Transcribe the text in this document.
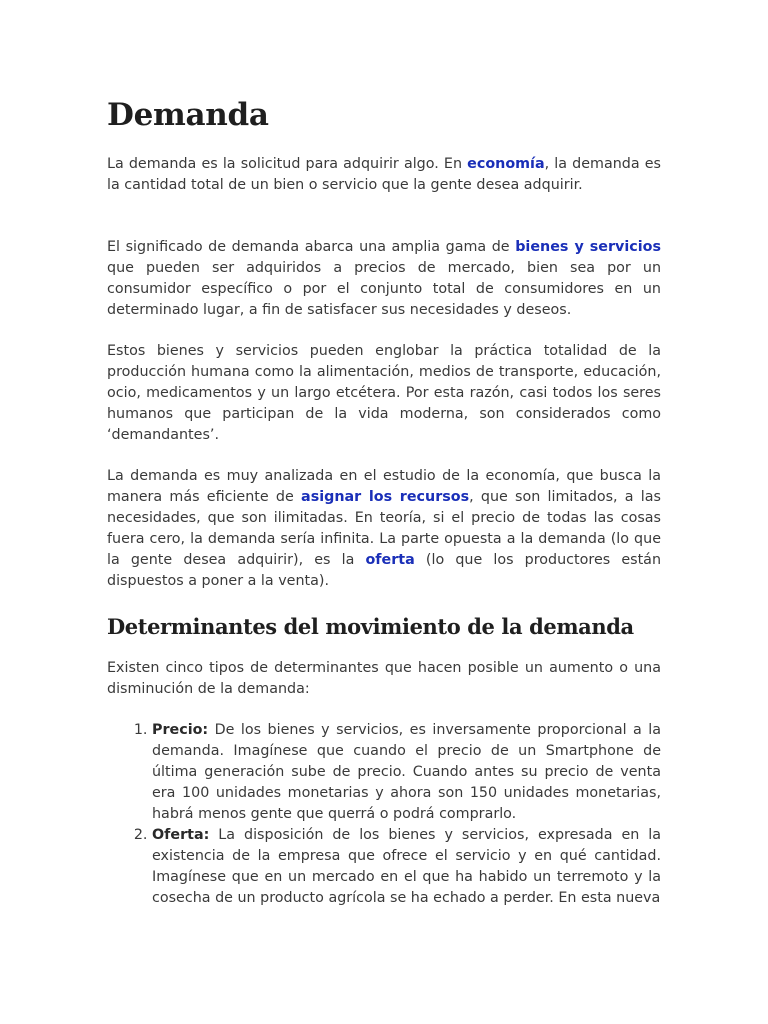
Demanda

La demanda es la solicitud para adquirir algo. En economía, la demanda es la cantidad total de un bien o servicio que la gente desea adquirir.

El significado de demanda abarca una amplia gama de bienes y servicios que pueden ser adquiridos a precios de mercado, bien sea por un consumidor específico o por el conjunto total de consumidores en un determinado lugar, a fin de satisfacer sus necesidades y deseos.

Estos bienes y servicios pueden englobar la práctica totalidad de la producción humana como la alimentación, medios de transporte, educación, ocio, medicamentos y un largo etcétera. Por esta razón, casi todos los seres humanos que participan de la vida moderna, son considerados como ‘demandantes’.

La demanda es muy analizada en el estudio de la economía, que busca la manera más eficiente de asignar los recursos, que son limitados, a las necesidades, que son ilimitadas. En teoría, si el precio de todas las cosas fuera cero, la demanda sería infinita. La parte opuesta a la demanda (lo que la gente desea adquirir), es la oferta (lo que los productores están dispuestos a poner a la venta).

Determinantes del movimiento de la demanda

Existen cinco tipos de determinantes que hacen posible un aumento o una disminución de la demanda:

1. Precio: De los bienes y servicios, es inversamente proporcional a la demanda. Imagínese que cuando el precio de un Smartphone de última generación sube de precio. Cuando antes su precio de venta era 100 unidades monetarias y ahora son 150 unidades monetarias, habrá menos gente que querrá o podrá comprarlo.
2. Oferta: La disposición de los bienes y servicios, expresada en la existencia de la empresa que ofrece el servicio y en qué cantidad. Imagínese que en un mercado en el que ha habido un terremoto y la cosecha de un producto agrícola se ha echado a perder. En esta nueva
